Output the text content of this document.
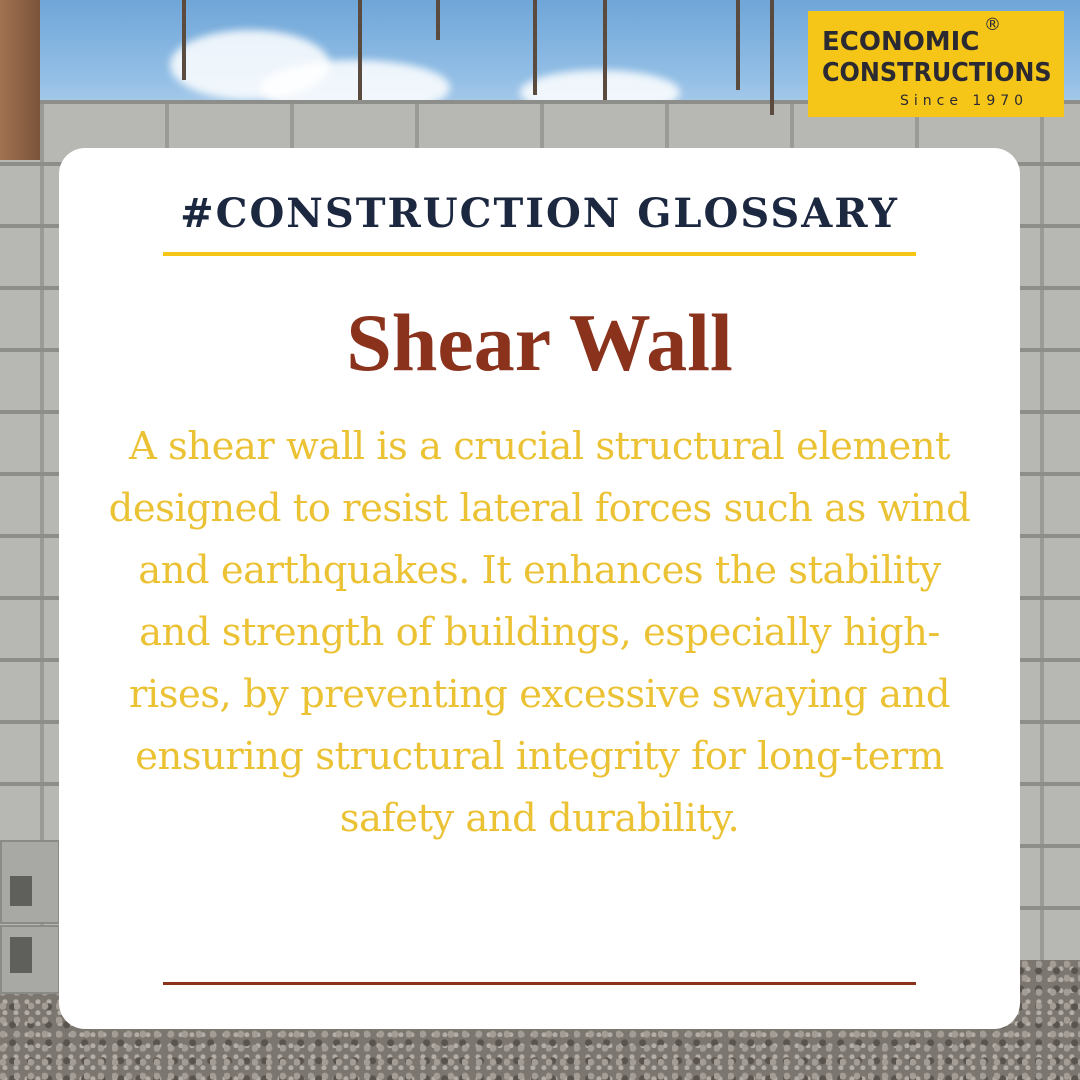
ECONOMIC
®
CONSTRUCTIONS
Since 1970
#CONSTRUCTION GLOSSARY
Shear Wall
A shear wall is a crucial structural element designed to resist lateral forces such as wind and earthquakes. It enhances the stability and strength of buildings, especially high-rises, by preventing excessive swaying and ensuring structural integrity for long-term safety and durability.
